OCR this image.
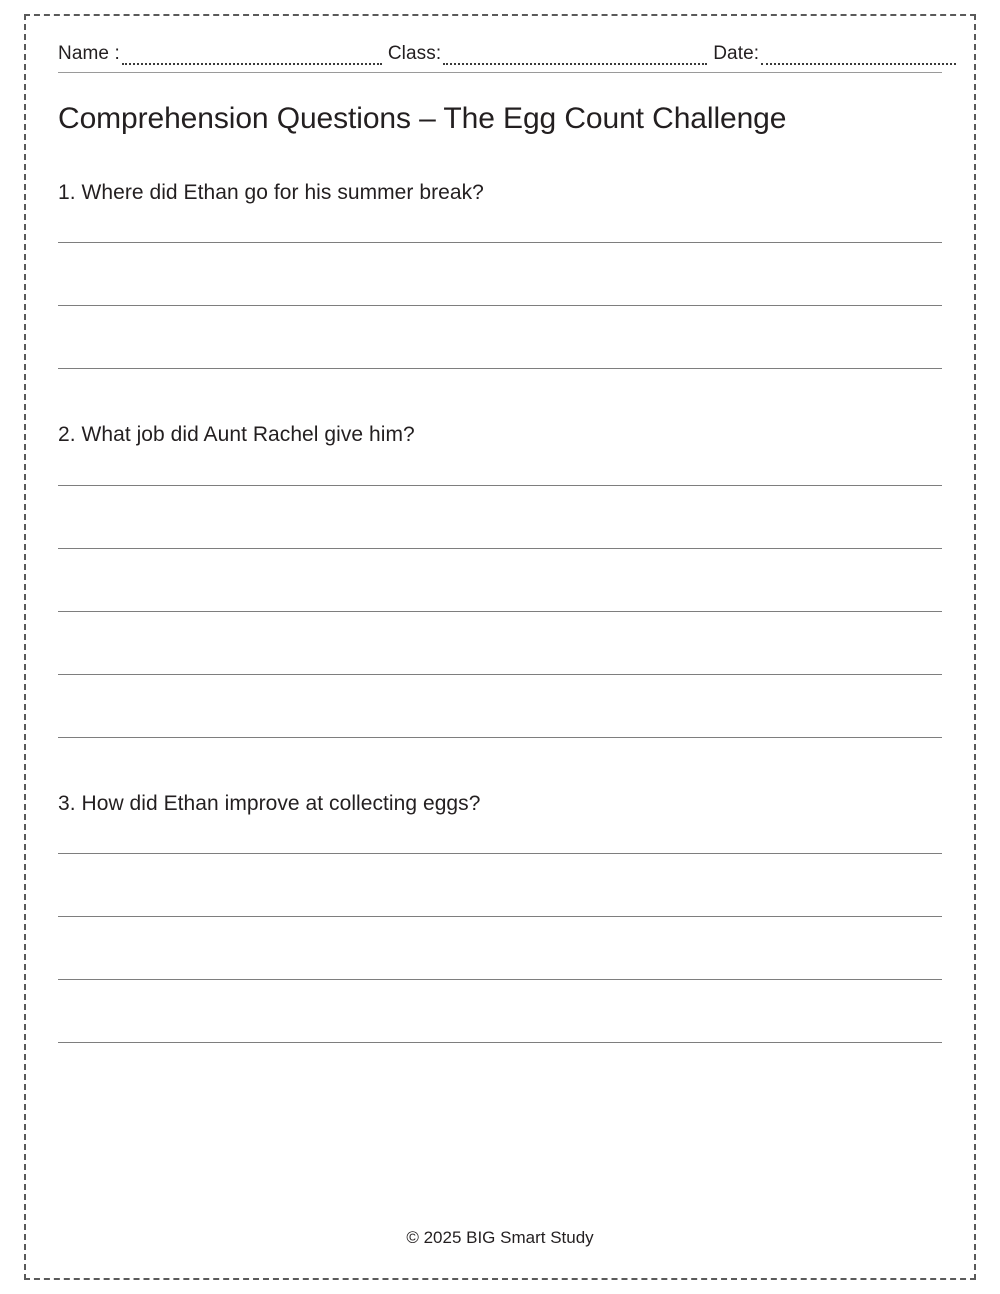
Name :	Class:	Date:
Comprehension Questions – The Egg Count Challenge
1. Where did Ethan go for his summer break?
2. What job did Aunt Rachel give him?
3. How did Ethan improve at collecting eggs?
© 2025 BIG Smart Study
